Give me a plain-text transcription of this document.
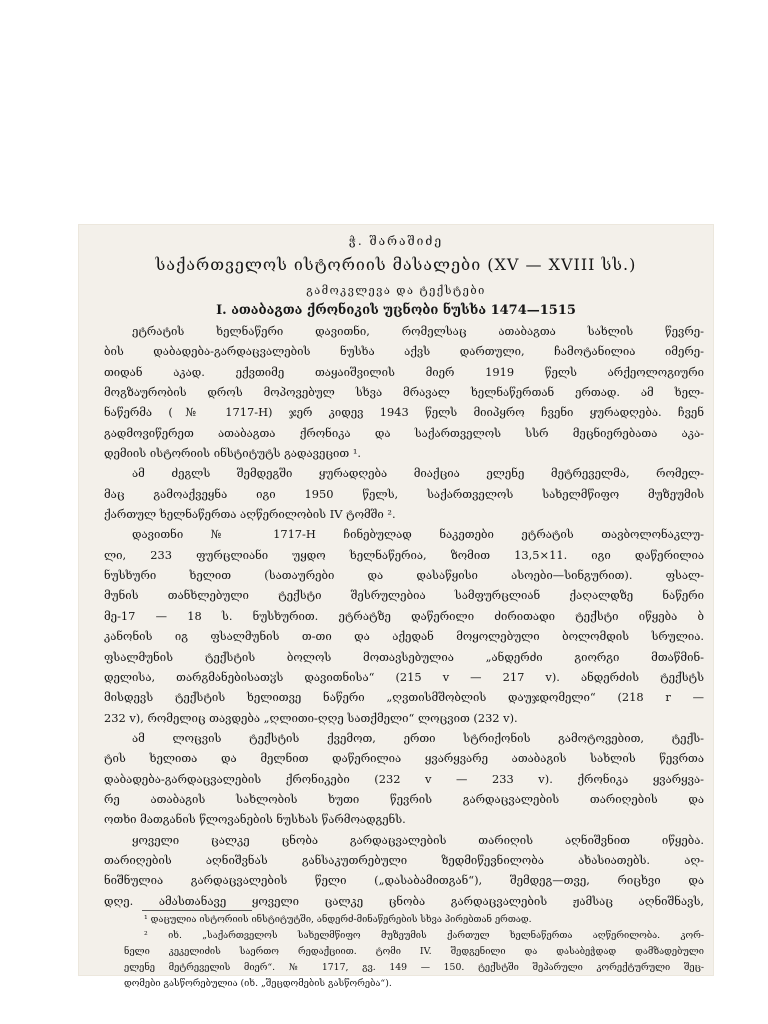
ჭ. შარაშიძე
საქართველოს ისტორიის მასალები (XV — XVIII სს.)
გამოკვლევა და ტექსტები
I. ათაბაგთა ქრონიკის უცნობი ნუსხა 1474—1515
ეტრატის ხელნაწერი დავითნი, რომელსაც ათაბაგთა სახლის წევრე-
ბის დაბადება-გარდაცვალების ნუსხა აქვს დართული, ჩამოტანილია იმერე-
თიდან აკად. ექვთიმე თაყაიშვილის მიერ 1919 წელს არქეოლოგიური
მოგზაურობის დროს მოპოვებულ სხვა მრავალ ხელნაწერთან ერთად. ამ ხელ-
ნაწერმა (№ 1717-H) ჯერ კიდევ 1943 წელს მიიპყრო ჩვენი ყურადღება. ჩვენ
გადმოვიწერეთ ათაბაგთა ქრონიკა და საქართველოს სსრ მეცნიერებათა აკა-
დემიის ისტორიის ინსტიტუტს გადავეცით ¹.
ამ ძეგლს შემდეგში ყურადღება მიაქცია ელენე მეტრეველმა, რომელ-
მაც გამოაქვეყნა იგი 1950 წელს, საქართველოს სახელმწიფო მუზეუმის
ქართულ ხელნაწერთა აღწერილობის IV ტომში ².
დავითნი № 1717-H ჩინებულად ნაკეთები ეტრატის თავბოლონაკლუ-
ლი, 233 ფურცლიანი უყდო ხელნაწერია, ზომით 13,5×11. იგი დაწერილია
ნუსხური ხელით (სათაურები და დასაწყისი ასოები—სინგურით). ფსალ-
მუნის თანხლებული ტექსტი შესრულებია სამფურცლიან ქაღალდზე ნაწერი
მე-17 — 18 ს. ნუსხურით. ეტრატზე დაწერილი ძირითადი ტექსტი იწყება ბ
კანონის იგ ფსალმუნის თ-თი და აქედან მოყოლებული ბოლომდის სრულია.
ფსალმუნის ტექსტის ბოლოს მოთავსებულია „ანდერძი გიორგი მთაწმინ-
დელისა, თარგმანებისათჳს დავითნისა“ (215 v — 217 v). ანდერძის ტექსტს
მისდევს ტექსტის ხელითვე ნაწერი „ღვთისმშობლის დაუჯდომელი“ (218 r —
232 v), რომელიც თავდება „ღლითი-ღღე სათქმელი“ ლოცვით (232 v).
ამ ლოცვის ტექსტის ქვემოთ, ერთი სტრიქონის გამოტოვებით, ტექს-
ტის ხელითა და მელნით დაწერილია ყვარყვარე ათაბაგის სახლის წევრთა
დაბადება-გარდაცვალების ქრონიკები (232 v — 233 v). ქრონიკა ყვარყვა-
რე ათაბაგის სახლობის ხუთი წევრის გარდაცვალების თარიღების და
ოთხი მათგანის წლოვანების ნუსხას წარმოადგენს.
ყოველი ცალკე ცნობა გარდაცვალების თარიღის აღნიშვნით იწყება.
თარიღების აღნიშვნას განსაკუთრებული ზედმიწევნილობა ახასიათებს. აღ-
ნიშნულია გარდაცვალების წელი („დასაბამითგან“), შემდეგ—თვე, რიცხვი და
დღე. ამასთანავე ყოველი ცალკე ცნობა გარდაცვალების ჟამსაც აღნიშნავს,
¹ დაცულია ისტორიის ინსტიტუტში, ანდერძ-მინაწერების სხვა პირებთან ერთად.
² იხ. „საქართველოს სახელმწიფო მუზეუმის ქართულ ხელნაწერთა აღწერილობა. კორ-
ნელი კეკელიძის საერთო რედაქციით. ტომი IV. შედგენილი და დასაბეჭდად დამზადებული
ელენე მეტრეველის მიერ“. № 1717, გვ. 149 — 150. ტექსტში შეპარული კორექტურული შეც-
დომები გასწორებულია (იხ. „შეცდომების გასწორება“).
